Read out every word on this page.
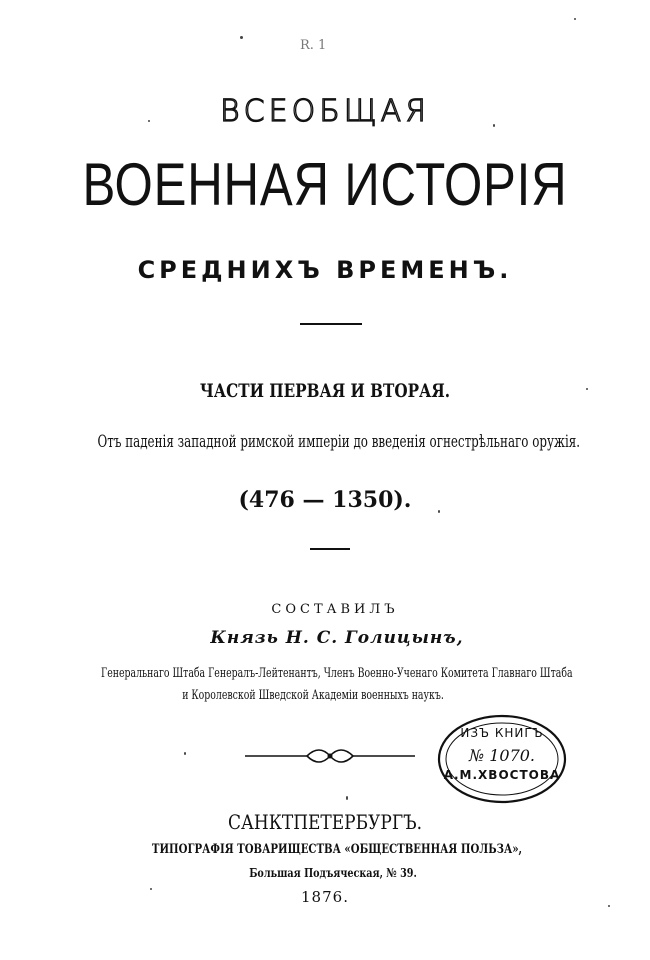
R. 1
ВСЕОБЩАЯ
ВОЕННАЯ ИСТОРІЯ
СРЕДНИХЪ ВРЕМЕНЪ.
ЧАСТИ ПЕРВАЯ И ВТОРАЯ.
Отъ паденія западной римской имперіи до введенія огнестрѣльнаго оружія.
(476 — 1350).
СОСТАВИЛЪ
Князь Н. С. Голицынъ,
Генеральнаго Штаба Генералъ-Лейтенантъ, Членъ Военно-Ученаго Комитета Главнаго Штаба
и Королевской Шведской Академіи военныхъ наукъ.
ИЗЪ КНИГЪ
№ 1070.
А.М.ХВОСТОВА
САНКТПЕТЕРБУРГЪ.
ТИПОГРАФІЯ ТОВАРИЩЕСТВА «ОБЩЕСТВЕННАЯ ПОЛЬЗА»,
Большая Подъяческая, № 39.
1876.
